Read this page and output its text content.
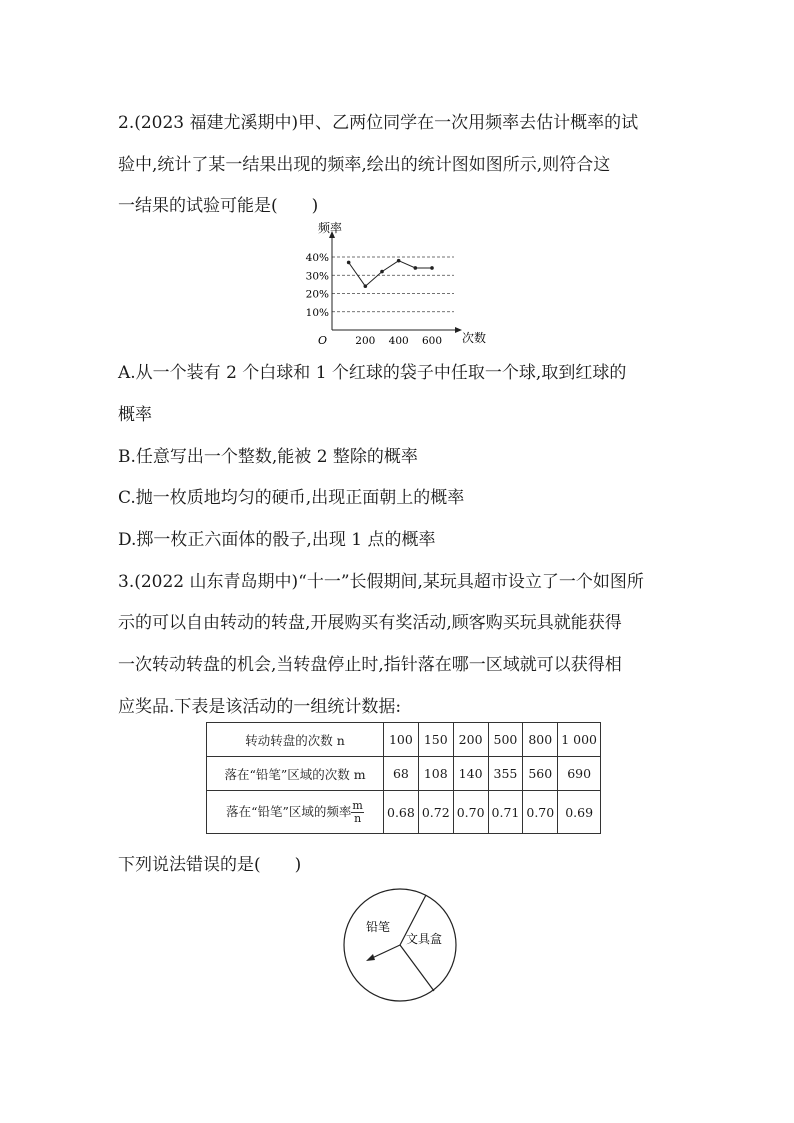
2.(2023 福建尤溪期中)甲、乙两位同学在一次用频率去估计概率的试
验中,统计了某一结果出现的频率,绘出的统计图如图所示,则符合这
一结果的试验可能是(　　)
频率
次数
O
10%
20%
30%
40%
200 400 600
A.从一个装有 2 个白球和 1 个红球的袋子中任取一个球,取到红球的
概率
B.任意写出一个整数,能被 2 整除的概率
C.抛一枚质地均匀的硬币,出现正面朝上的概率
D.掷一枚正六面体的骰子,出现 1 点的概率
3.(2022 山东青岛期中)“十一”长假期间,某玩具超市设立了一个如图所
示的可以自由转动的转盘,开展购买有奖活动,顾客购买玩具就能获得
一次转动转盘的机会,当转盘停止时,指针落在哪一区域就可以获得相
应奖品.下表是该活动的一组统计数据:
转动转盘的次数 n	100	150	200	500	800	1 000
落在“铅笔”区域的次数 m	68	108	140	355	560	690
落在“铅笔”区域的频率 $\frac{m}{n}$	0.68	0.72	0.70	0.71	0.70	0.69
下列说法错误的是(　　)
铅笔
文具盒
